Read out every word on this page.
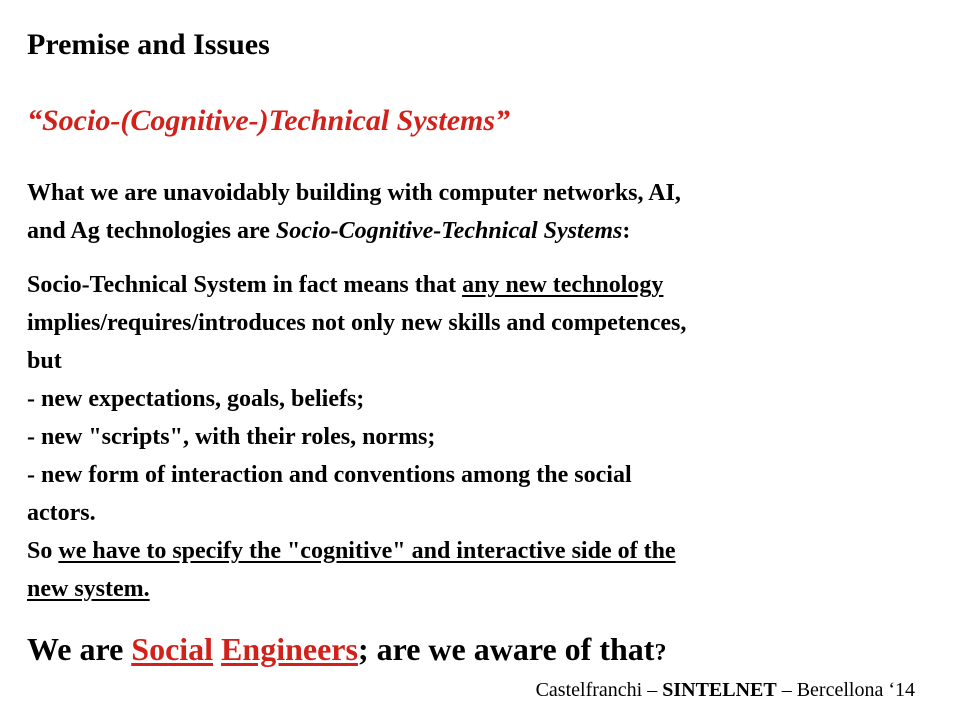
Premise and Issues
“Socio-(Cognitive-)Technical Systems”
What we are unavoidably building with computer networks, AI,
and Ag technologies are Socio-Cognitive-Technical Systems:
Socio-Technical System in fact means that any new technology
implies/requires/introduces not only new skills and competences,
but
- new expectations, goals, beliefs;
- new "scripts", with their roles, norms;
- new form of interaction and conventions among the social
actors.
So we have to specify the "cognitive" and interactive side of the
new system.
We are Social Engineers; are we aware of that?
Castelfranchi – SINTELNET – Bercellona ‘14
